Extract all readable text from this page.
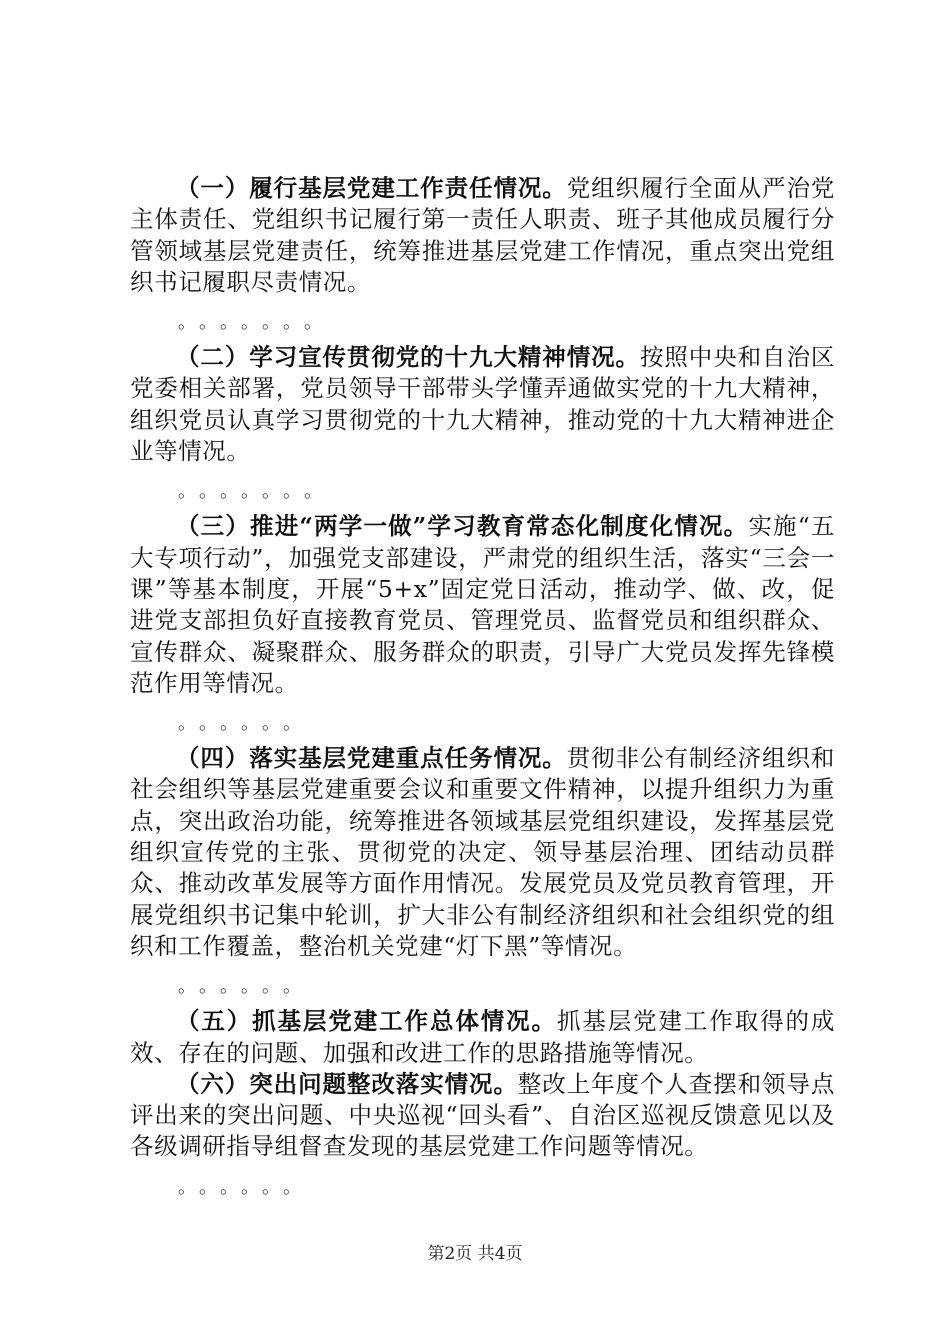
（一）履行基层党建工作责任情况。党组织履行全面从严治党主体责任、党组织书记履行第一责任人职责、班子其他成员履行分管领域基层党建责任，统筹推进基层党建工作情况，重点突出党组织书记履职尽责情况。

。。。。。。。

（二）学习宣传贯彻党的十九大精神情况。按照中央和自治区党委相关部署，党员领导干部带头学懂弄通做实党的十九大精神，组织党员认真学习贯彻党的十九大精神，推动党的十九大精神进企业等情况。

。。。。。。。

（三）推进“两学一做”学习教育常态化制度化情况。实施“五大专项行动”，加强党支部建设，严肃党的组织生活，落实“三会一课”等基本制度，开展“5+x”固定党日活动，推动学、做、改，促进党支部担负好直接教育党员、管理党员、监督党员和组织群众、宣传群众、凝聚群众、服务群众的职责，引导广大党员发挥先锋模范作用等情况。

。。。。。。

（四）落实基层党建重点任务情况。贯彻非公有制经济组织和社会组织等基层党建重要会议和重要文件精神，以提升组织力为重点，突出政治功能，统筹推进各领域基层党组织建设，发挥基层党组织宣传党的主张、贯彻党的决定、领导基层治理、团结动员群众、推动改革发展等方面作用情况。发展党员及党员教育管理，开展党组织书记集中轮训，扩大非公有制经济组织和社会组织党的组织和工作覆盖，整治机关党建“灯下黑”等情况。

。。。。。。

（五）抓基层党建工作总体情况。抓基层党建工作取得的成效、存在的问题、加强和改进工作的思路措施等情况。

（六）突出问题整改落实情况。整改上年度个人查摆和领导点评出来的突出问题、中央巡视“回头看”、自治区巡视反馈意见以及各级调研指导组督查发现的基层党建工作问题等情况。

。。。。。。
第2页 共4页
